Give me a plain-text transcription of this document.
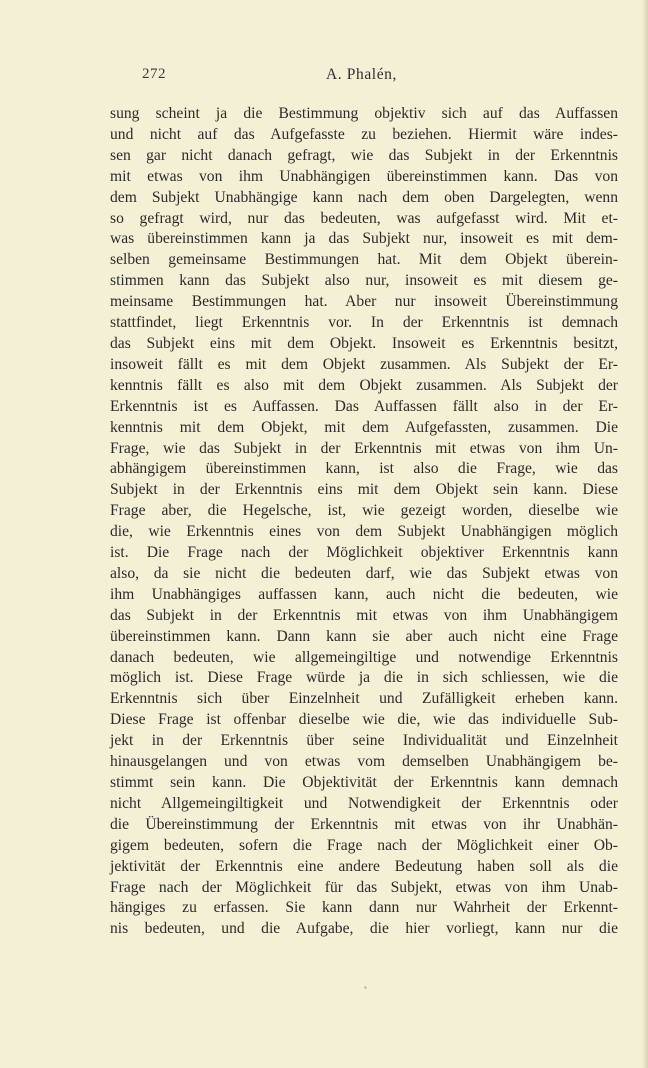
272	A. Phalén,
sung scheint ja die Bestimmung objektiv sich auf das Auffassen
und nicht auf das Aufgefasste zu beziehen. Hiermit wäre indes-
sen gar nicht danach gefragt, wie das Subjekt in der Erkenntnis
mit etwas von ihm Unabhängigen übereinstimmen kann. Das von
dem Subjekt Unabhängige kann nach dem oben Dargelegten, wenn
so gefragt wird, nur das bedeuten, was aufgefasst wird. Mit et-
was übereinstimmen kann ja das Subjekt nur, insoweit es mit dem-
selben gemeinsame Bestimmungen hat. Mit dem Objekt überein-
stimmen kann das Subjekt also nur, insoweit es mit diesem ge-
meinsame Bestimmungen hat. Aber nur insoweit Übereinstimmung
stattfindet, liegt Erkenntnis vor. In der Erkenntnis ist demnach
das Subjekt eins mit dem Objekt. Insoweit es Erkenntnis besitzt,
insoweit fällt es mit dem Objekt zusammen. Als Subjekt der Er-
kenntnis fällt es also mit dem Objekt zusammen. Als Subjekt der
Erkenntnis ist es Auffassen. Das Auffassen fällt also in der Er-
kenntnis mit dem Objekt, mit dem Aufgefassten, zusammen. Die
Frage, wie das Subjekt in der Erkenntnis mit etwas von ihm Un-
abhängigem übereinstimmen kann, ist also die Frage, wie das
Subjekt in der Erkenntnis eins mit dem Objekt sein kann. Diese
Frage aber, die Hegelsche, ist, wie gezeigt worden, dieselbe wie
die, wie Erkenntnis eines von dem Subjekt Unabhängigen möglich
ist. Die Frage nach der Möglichkeit objektiver Erkenntnis kann
also, da sie nicht die bedeuten darf, wie das Subjekt etwas von
ihm Unabhängiges auffassen kann, auch nicht die bedeuten, wie
das Subjekt in der Erkenntnis mit etwas von ihm Unabhängigem
übereinstimmen kann. Dann kann sie aber auch nicht eine Frage
danach bedeuten, wie allgemeingiltige und notwendige Erkenntnis
möglich ist. Diese Frage würde ja die in sich schliessen, wie die
Erkenntnis sich über Einzelnheit und Zufälligkeit erheben kann.
Diese Frage ist offenbar dieselbe wie die, wie das individuelle Sub-
jekt in der Erkenntnis über seine Individualität und Einzelnheit
hinausgelangen und von etwas vom demselben Unabhängigem be-
stimmt sein kann. Die Objektivität der Erkenntnis kann demnach
nicht Allgemeingiltigkeit und Notwendigkeit der Erkenntnis oder
die Übereinstimmung der Erkenntnis mit etwas von ihr Unabhän-
gigem bedeuten, sofern die Frage nach der Möglichkeit einer Ob-
jektivität der Erkenntnis eine andere Bedeutung haben soll als die
Frage nach der Möglichkeit für das Subjekt, etwas von ihm Unab-
hängiges zu erfassen. Sie kann dann nur Wahrheit der Erkennt-
nis bedeuten, und die Aufgabe, die hier vorliegt, kann nur die
